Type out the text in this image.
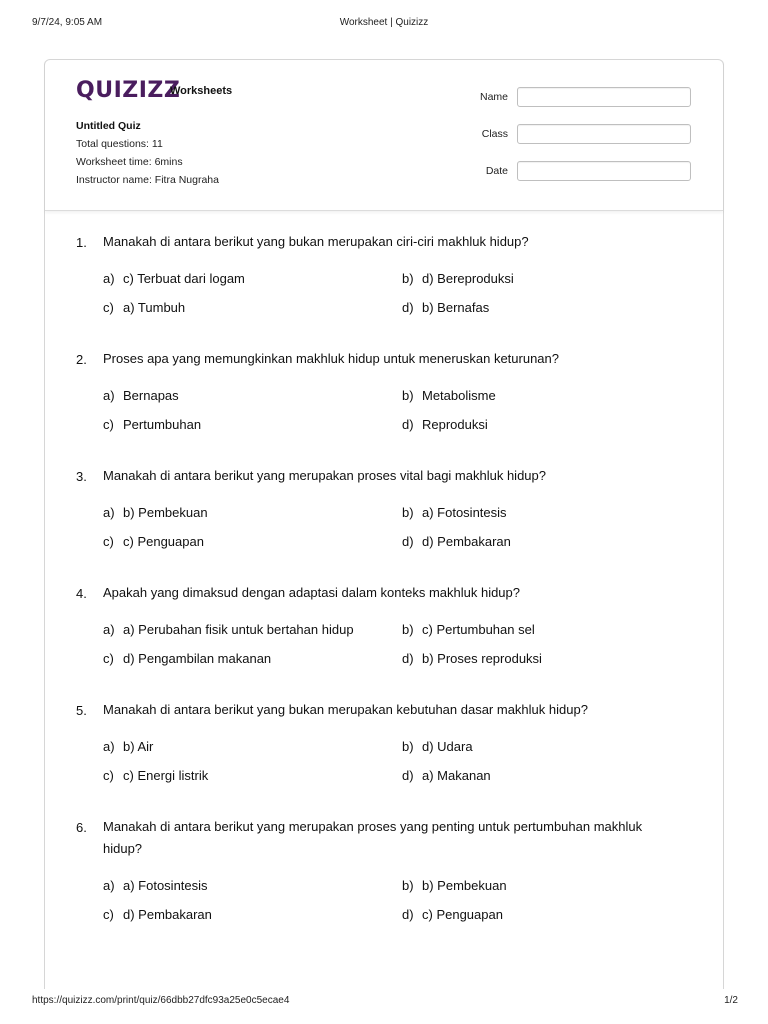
9/7/24, 9:05 AM	Worksheet | Quizizz
QUIZIZZ
Worksheets
Untitled Quiz
Total questions: 11
Worksheet time: 6mins
Instructor name: Fitra Nugraha
Name
Class
Date
1. Manakah di antara berikut yang bukan merupakan ciri-ciri makhluk hidup?
a) c) Terbuat dari logam	b) d) Bereproduksi
c) a) Tumbuh	d) b) Bernafas
2. Proses apa yang memungkinkan makhluk hidup untuk meneruskan keturunan?
a) Bernapas	b) Metabolisme
c) Pertumbuhan	d) Reproduksi
3. Manakah di antara berikut yang merupakan proses vital bagi makhluk hidup?
a) b) Pembekuan	b) a) Fotosintesis
c) c) Penguapan	d) d) Pembakaran
4. Apakah yang dimaksud dengan adaptasi dalam konteks makhluk hidup?
a) a) Perubahan fisik untuk bertahan hidup	b) c) Pertumbuhan sel
c) d) Pengambilan makanan	d) b) Proses reproduksi
5. Manakah di antara berikut yang bukan merupakan kebutuhan dasar makhluk hidup?
a) b) Air	b) d) Udara
c) c) Energi listrik	d) a) Makanan
6. Manakah di antara berikut yang merupakan proses yang penting untuk pertumbuhan makhluk hidup?
a) a) Fotosintesis	b) b) Pembekuan
c) d) Pembakaran	d) c) Penguapan
https://quizizz.com/print/quiz/66dbb27dfc93a25e0c5ecae4	1/2
